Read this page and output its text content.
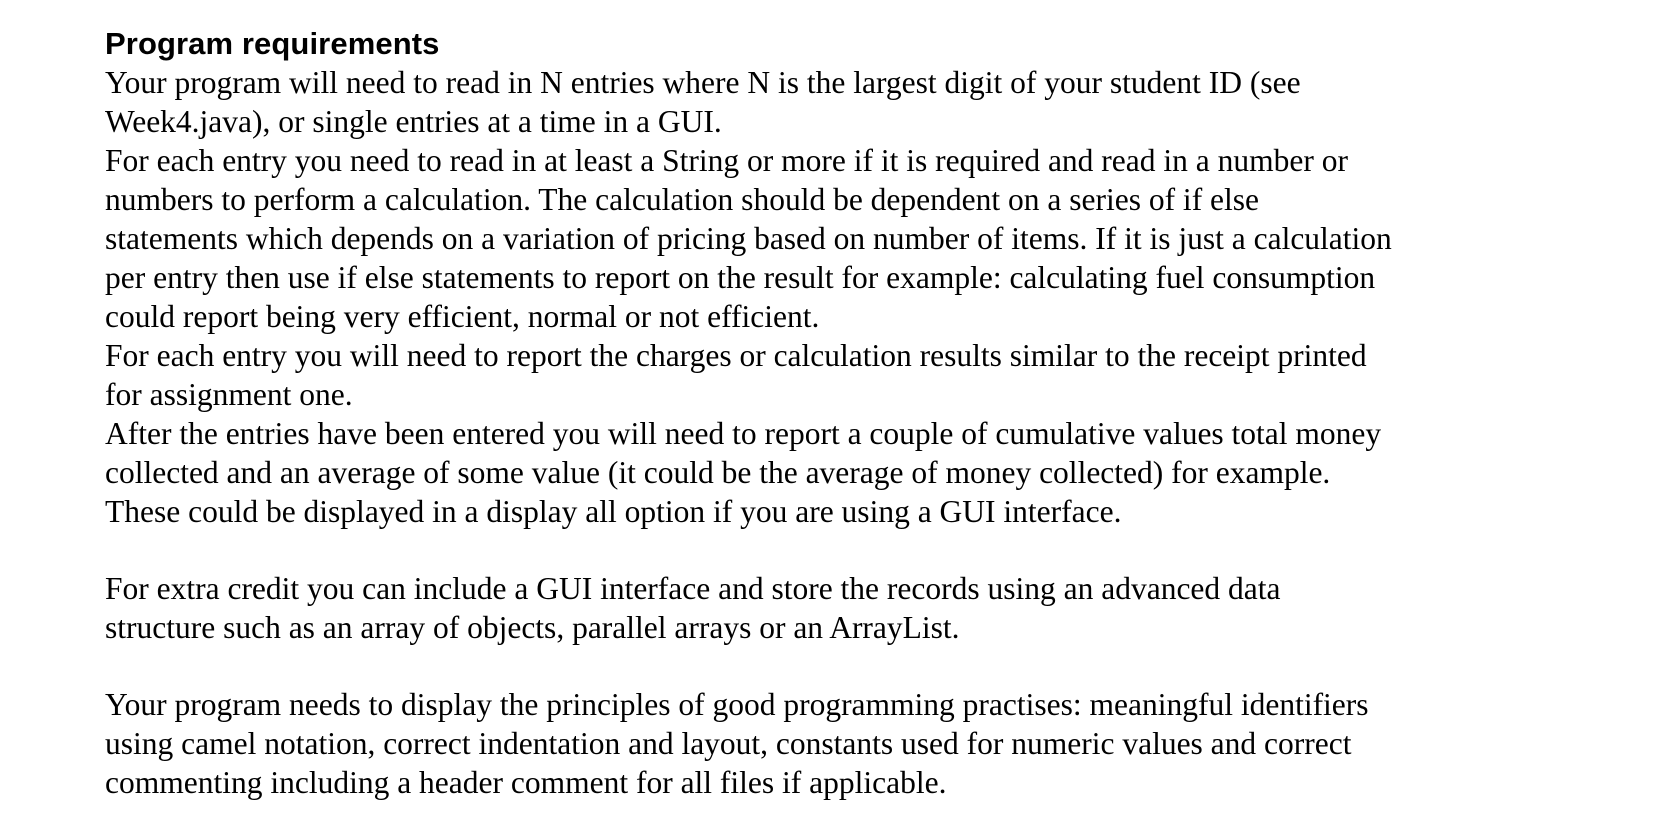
Program requirements
Your program will need to read in N entries where N is the largest digit of your student ID (see
Week4.java), or single entries at a time in a GUI.
For each entry you need to read in at least a String or more if it is required and read in a number or
numbers to perform a calculation. The calculation should be dependent on a series of if else
statements which depends on a variation of pricing based on number of items. If it is just a calculation
per entry then use if else statements to report on the result for example: calculating fuel consumption
could report being very efficient, normal or not efficient.
For each entry you will need to report the charges or calculation results similar to the receipt printed
for assignment one.
After the entries have been entered you will need to report a couple of cumulative values total money
collected and an average of some value (it could be the average of money collected) for example.
These could be displayed in a display all option if you are using a GUI interface.
For extra credit you can include a GUI interface and store the records using an advanced data
structure such as an array of objects, parallel arrays or an ArrayList.
Your program needs to display the principles of good programming practises: meaningful identifiers
using camel notation, correct indentation and layout, constants used for numeric values and correct
commenting including a header comment for all files if applicable.
